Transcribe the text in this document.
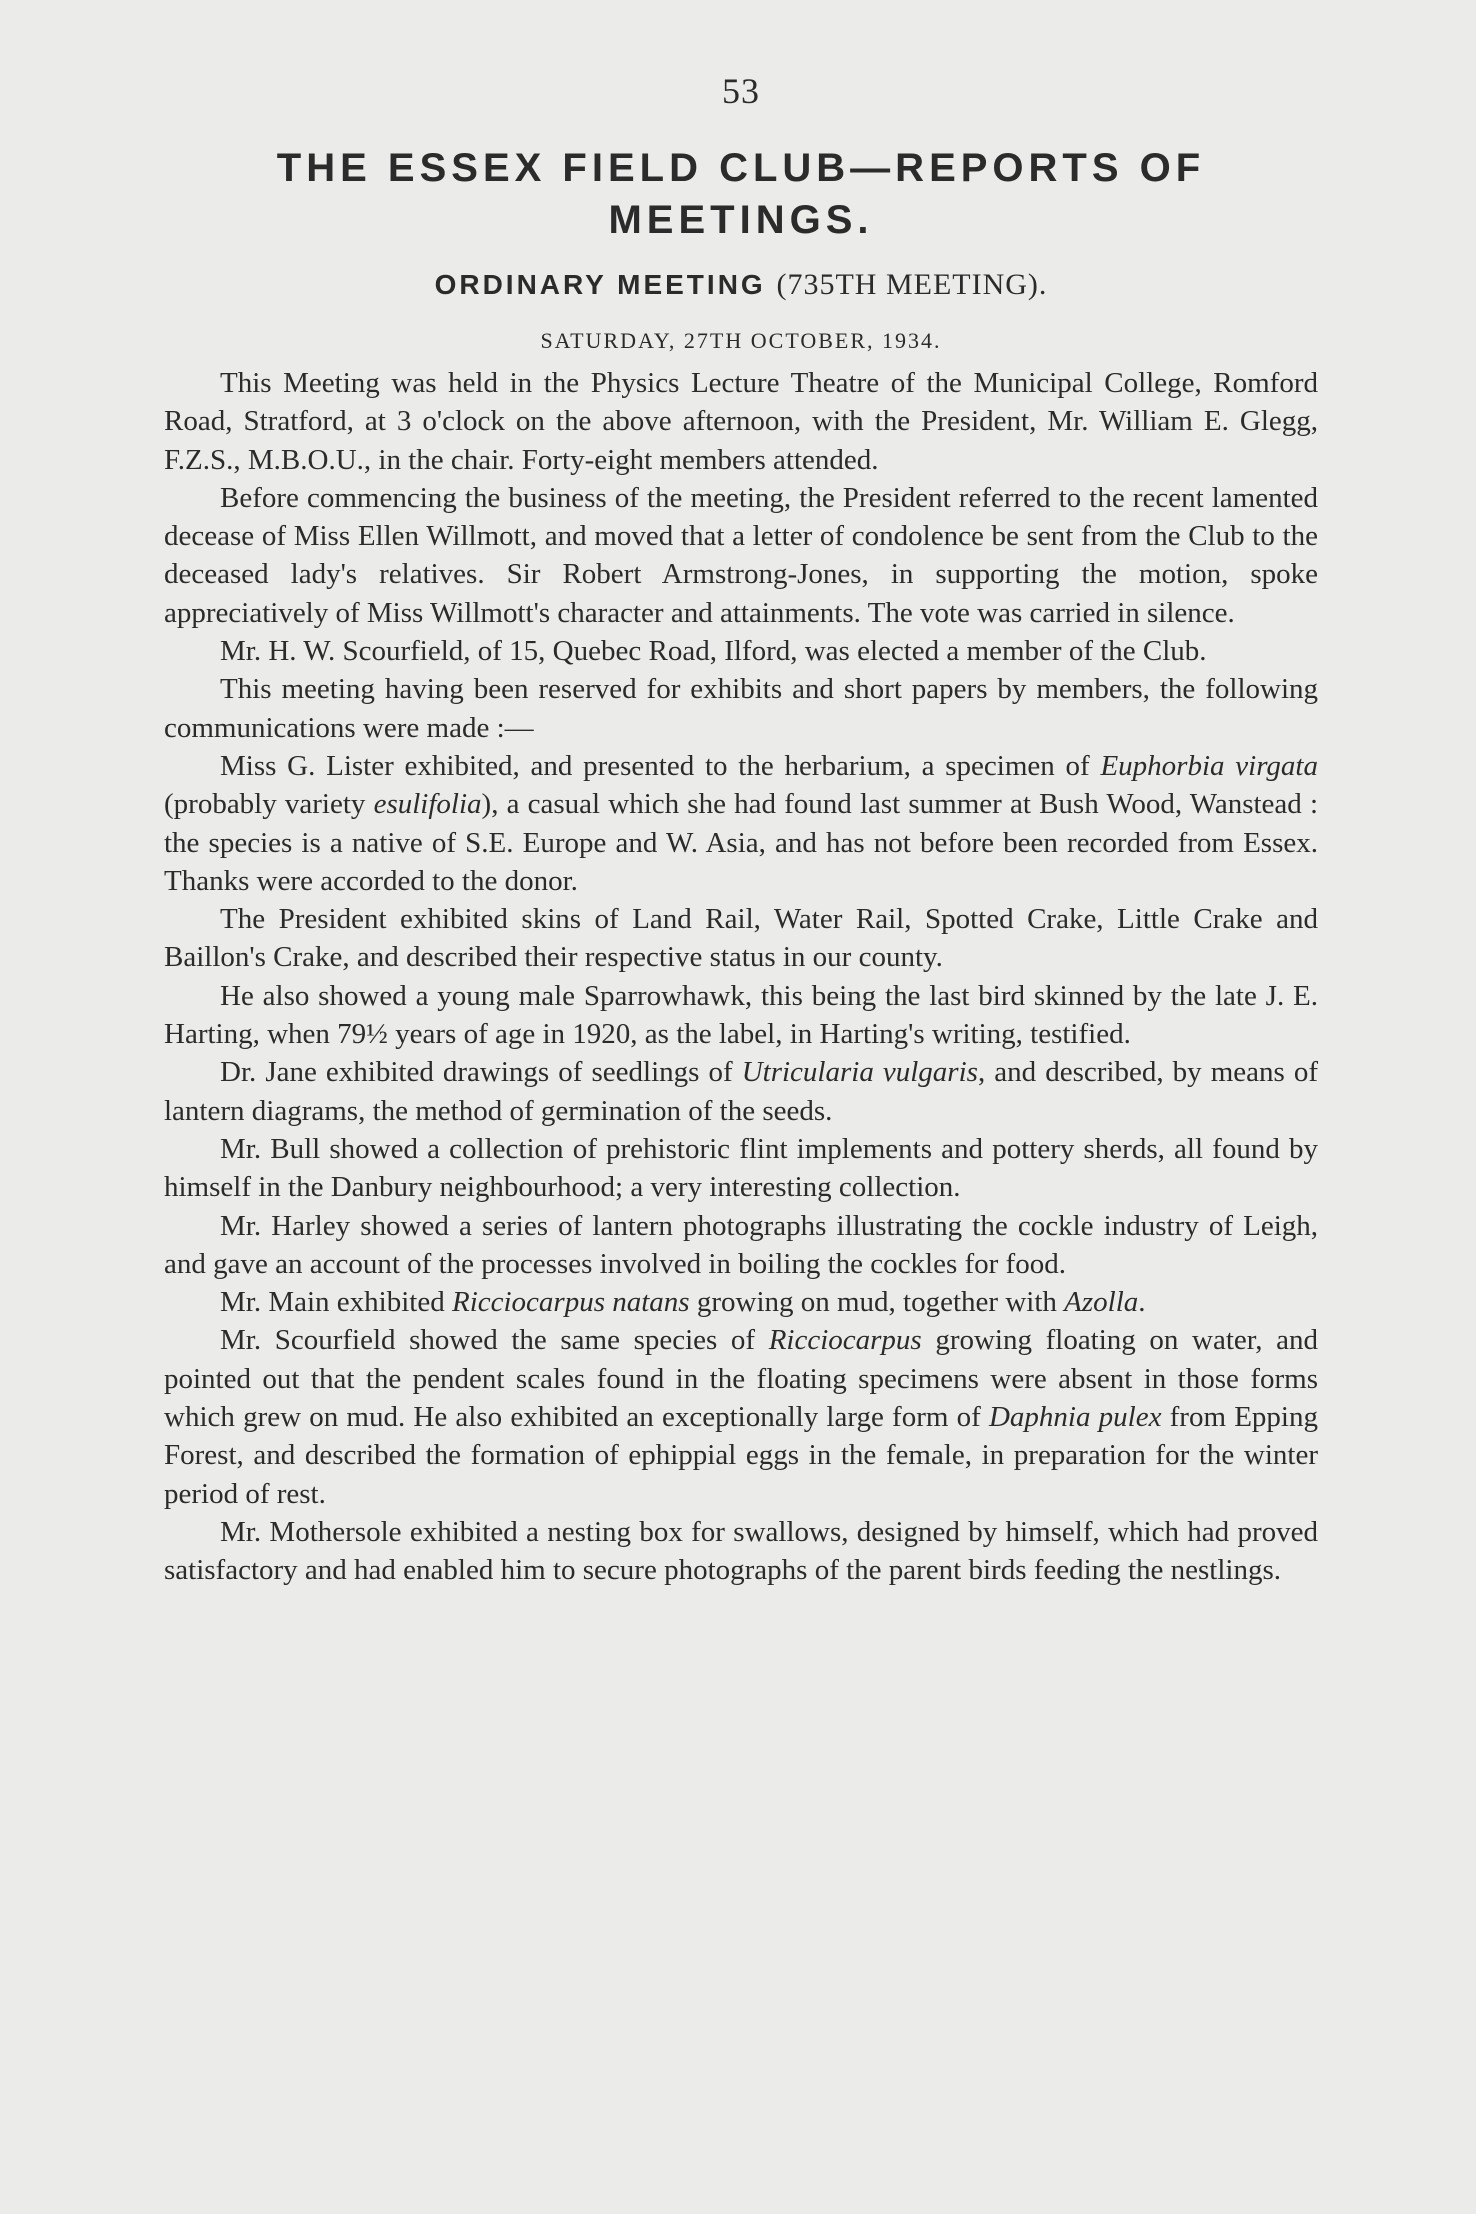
53
THE ESSEX FIELD CLUB—REPORTS OF MEETINGS.
ORDINARY MEETING (735TH MEETING).
SATURDAY, 27TH OCTOBER, 1934.

This Meeting was held in the Physics Lecture Theatre of the Municipal College, Romford Road, Stratford, at 3 o'clock on the above afternoon, with the President, Mr. William E. Glegg, F.Z.S., M.B.O.U., in the chair. Forty-eight members attended.

Before commencing the business of the meeting, the President referred to the recent lamented decease of Miss Ellen Willmott, and moved that a letter of condolence be sent from the Club to the deceased lady's relatives. Sir Robert Armstrong-Jones, in supporting the motion, spoke appreciatively of Miss Willmott's character and attainments. The vote was carried in silence.

Mr. H. W. Scourfield, of 15, Quebec Road, Ilford, was elected a member of the Club.

This meeting having been reserved for exhibits and short papers by members, the following communications were made :—

Miss G. Lister exhibited, and presented to the herbarium, a specimen of Euphorbia virgata (probably variety esulifolia), a casual which she had found last summer at Bush Wood, Wanstead : the species is a native of S.E. Europe and W. Asia, and has not before been recorded from Essex. Thanks were accorded to the donor.

The President exhibited skins of Land Rail, Water Rail, Spotted Crake, Little Crake and Baillon's Crake, and described their respective status in our county.

He also showed a young male Sparrowhawk, this being the last bird skinned by the late J. E. Harting, when 79½ years of age in 1920, as the label, in Harting's writing, testified.

Dr. Jane exhibited drawings of seedlings of Utricularia vulgaris, and described, by means of lantern diagrams, the method of germination of the seeds.

Mr. Bull showed a collection of prehistoric flint implements and pottery sherds, all found by himself in the Danbury neighbourhood; a very interesting collection.

Mr. Harley showed a series of lantern photographs illustrating the cockle industry of Leigh, and gave an account of the processes involved in boiling the cockles for food.

Mr. Main exhibited Ricciocarpus natans growing on mud, together with Azolla.

Mr. Scourfield showed the same species of Ricciocarpus growing floating on water, and pointed out that the pendent scales found in the floating specimens were absent in those forms which grew on mud. He also exhibited an exceptionally large form of Daphnia pulex from Epping Forest, and described the formation of ephippial eggs in the female, in preparation for the winter period of rest.

Mr. Mothersole exhibited a nesting box for swallows, designed by himself, which had proved satisfactory and had enabled him to secure photographs of the parent birds feeding the nestlings.
